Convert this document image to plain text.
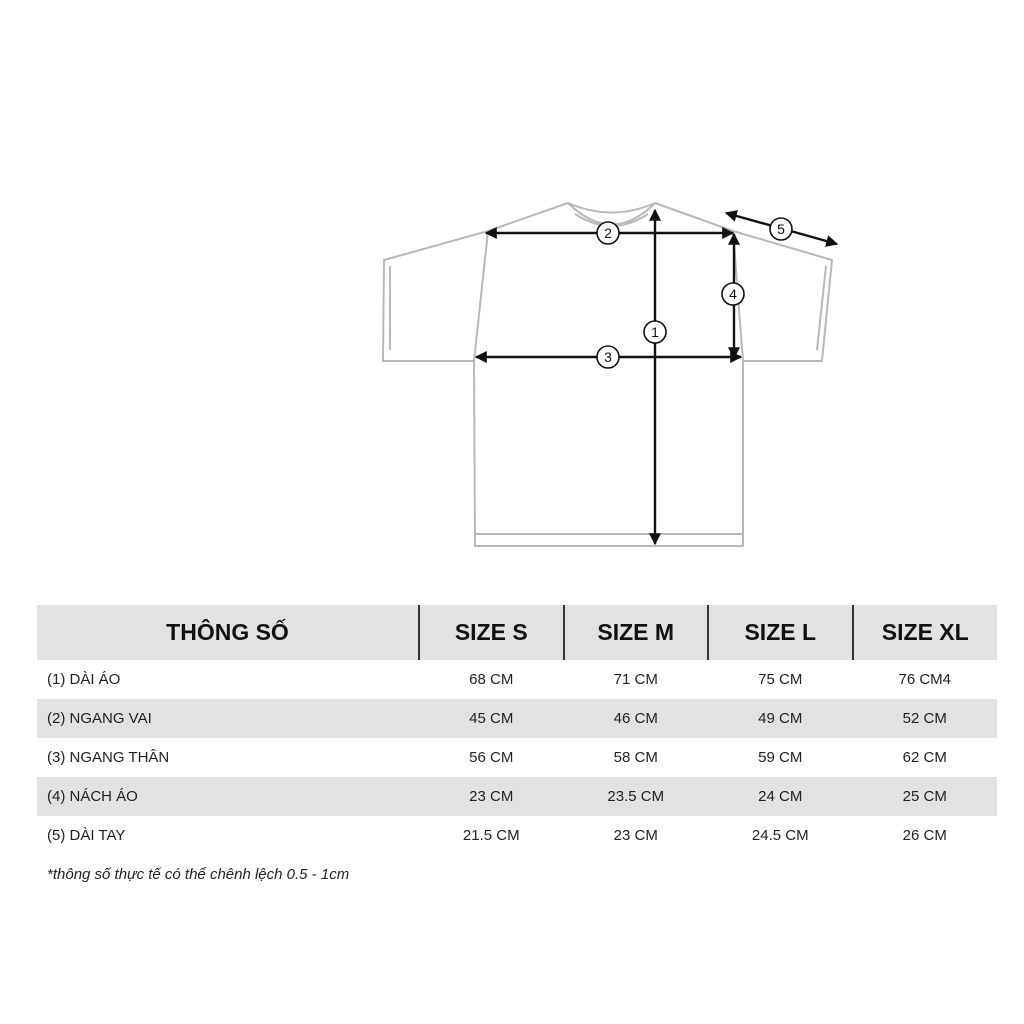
1
2
3
4
5
THÔNG SỐ	SIZE S	SIZE M	SIZE L	SIZE XL
(1) DÀI ÁO	68 CM	71 CM	75 CM	76 CM4
(2) NGANG VAI	45 CM	46 CM	49 CM	52 CM
(3) NGANG THÂN	56 CM	58 CM	59 CM	62 CM
(4) NÁCH ÁO	23 CM	23.5 CM	24 CM	25 CM
(5) DÀI TAY	21.5 CM	23 CM	24.5 CM	26 CM
*thông số thực tế có thể chênh lệch 0.5 - 1cm
